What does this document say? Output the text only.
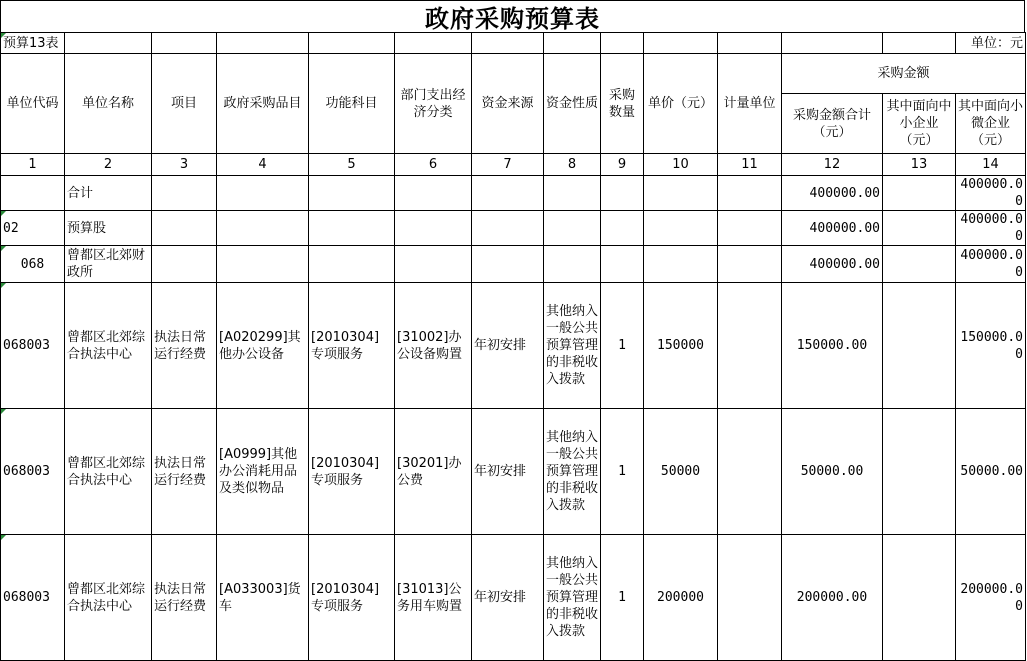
政府采购预算表
预算13表													单位：元
单位代码	单位名称	项目	政府采购品目	功能科目	部门支出经济分类	资金来源	资金性质	采购数量	单价（元）	计量单位	采购金额		
											采购金额合计（元）	其中面向中小企业（元）	其中面向小微企业（元）
1	2	3	4	5	6	7	8	9	10	11	12	13	14
	合计										400000.00		400000.00
02	预算股										400000.00		400000.00
068	曾都区北郊财政所										400000.00		400000.00
068003	曾都区北郊综合执法中心	执法日常运行经费	[A020299]其他办公设备	[2010304]专项服务	[31002]办公设备购置	年初安排	其他纳入一般公共预算管理的非税收入拨款	1	150000		150000.00		150000.00
068003	曾都区北郊综合执法中心	执法日常运行经费	[A0999]其他办公消耗用品及类似物品	[2010304]专项服务	[30201]办公费	年初安排	其他纳入一般公共预算管理的非税收入拨款	1	50000		50000.00		50000.00
068003	曾都区北郊综合执法中心	执法日常运行经费	[A033003]货车	[2010304]专项服务	[31013]公务用车购置	年初安排	其他纳入一般公共预算管理的非税收入拨款	1	200000		200000.00		200000.00
